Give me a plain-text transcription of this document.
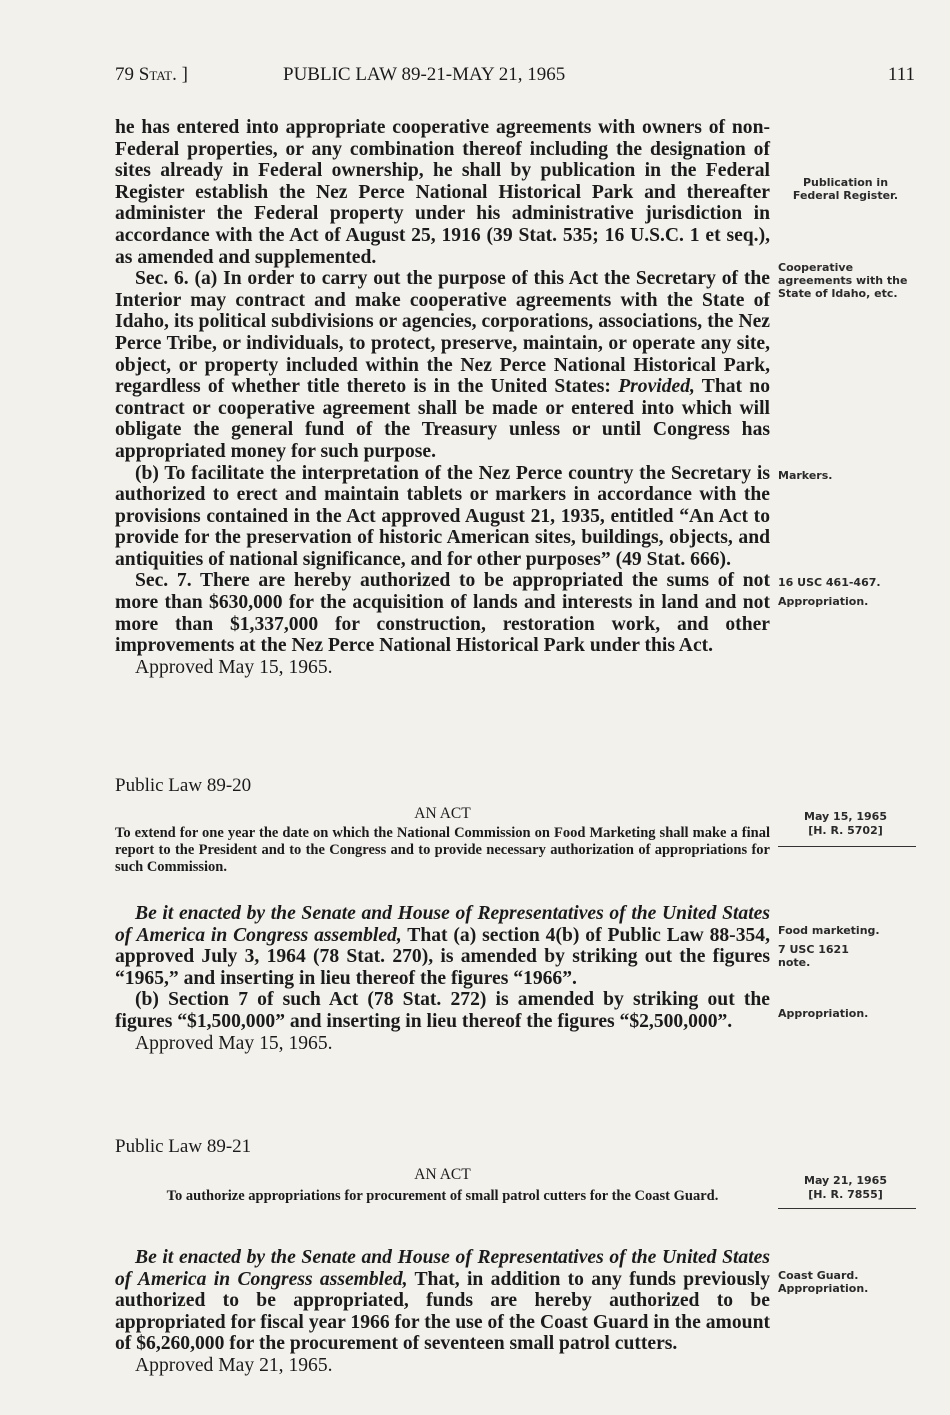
79 Stat. ]	PUBLIC LAW 89-21-MAY 21, 1965	111

he has entered into appropriate cooperative agreements with owners of non-Federal properties, or any combination thereof including the designation of sites already in Federal ownership, he shall by publication in the Federal Register establish the Nez Perce National Historical Park and thereafter administer the Federal property under his administrative jurisdiction in accordance with the Act of August 25, 1916 (39 Stat. 535; 16 U.S.C. 1 et seq.), as amended and supplemented.

Sec. 6. (a) In order to carry out the purpose of this Act the Secretary of the Interior may contract and make cooperative agreements with the State of Idaho, its political subdivisions or agencies, corporations, associations, the Nez Perce Tribe, or individuals, to protect, preserve, maintain, or operate any site, object, or property included within the Nez Perce National Historical Park, regardless of whether title thereto is in the United States: Provided, That no contract or cooperative agreement shall be made or entered into which will obligate the general fund of the Treasury unless or until Congress has appropriated money for such purpose.

(b) To facilitate the interpretation of the Nez Perce country the Secretary is authorized to erect and maintain tablets or markers in accordance with the provisions contained in the Act approved August 21, 1935, entitled “An Act to provide for the preservation of historic American sites, buildings, objects, and antiquities of national significance, and for other purposes” (49 Stat. 666).

Sec. 7. There are hereby authorized to be appropriated the sums of not more than $630,000 for the acquisition of lands and interests in land and not more than $1,337,000 for construction, restoration work, and other improvements at the Nez Perce National Historical Park under this Act.

Approved May 15, 1965.

Public Law 89-20
AN ACT
To extend for one year the date on which the National Commission on Food Marketing shall make a final report to the President and to the Congress and to provide necessary authorization of appropriations for such Commission.

Be it enacted by the Senate and House of Representatives of the United States of America in Congress assembled, That (a) section 4(b) of Public Law 88-354, approved July 3, 1964 (78 Stat. 270), is amended by striking out the figures “1965,” and inserting in lieu thereof the figures “1966”.

(b) Section 7 of such Act (78 Stat. 272) is amended by striking out the figures “$1,500,000” and inserting in lieu thereof the figures “$2,500,000”.

Approved May 15, 1965.

Public Law 89-21
AN ACT
To authorize appropriations for procurement of small patrol cutters for the Coast Guard.

Be it enacted by the Senate and House of Representatives of the United States of America in Congress assembled, That, in addition to any funds previously authorized to be appropriated, funds are hereby authorized to be appropriated for fiscal year 1966 for the use of the Coast Guard in the amount of $6,260,000 for the procurement of seventeen small patrol cutters.

Approved May 21, 1965.

Publication in Federal Register.
Cooperative agreements with the State of Idaho, etc.
Markers.
16 USC 461-467.
Appropriation.
May 15, 1965
[H. R. 5702]
Food marketing.
7 USC 1621 note.
Appropriation.
May 21, 1965
[H. R. 7855]
Coast Guard. Appropriation.
